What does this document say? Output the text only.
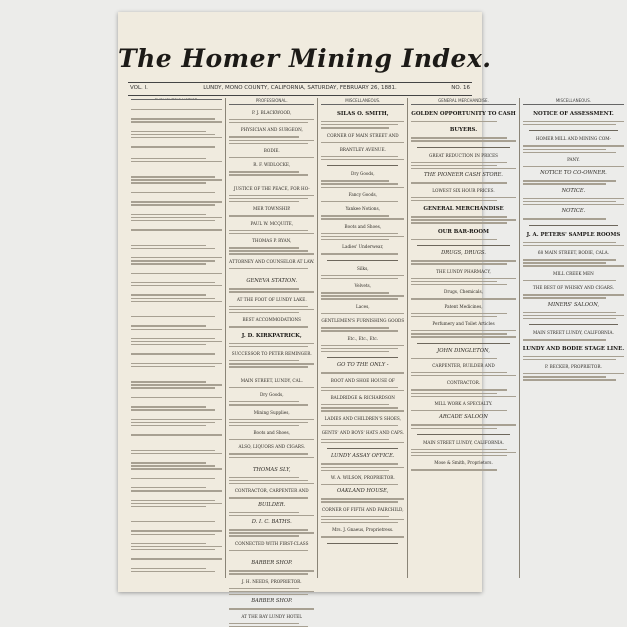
The Homer Mining Index.
VOL. I.	LUNDY, MONO COUNTY, CALIFORNIA, SATURDAY, FEBRUARY 26, 1881.	NO. 16
PROFESSIONAL.
P. J. BLACKWOOD,
PHYSICIAN AND SURGEON,
BODIE.
R. F. WIDLOCKE,
JUSTICE OF THE PEACE, FOR HO-
MER TOWNSHIP.
PAUL W. MCQUITE,
THOMAS P. RYAN,
ATTORNEY AND COUNSELOR AT LAW.
GENEVA STATION.
AT THE FOOT OF LUNDY LAKE.
BEST ACCOMMODATIONS
J. D. KIRKPATRICK,
SUCCESSOR TO PETER REMINGER.
MAIN STREET, LUNDY, CAL.
Dry Goods,
Mining Supplies,
Boots and Shoes,
ALSO, LIQUORS AND CIGARS.
THOMAS SLY,
CONTRACTOR, CARPENTER AND
BUILDER.
D. I. C. BATHS.
CONNECTED WITH FIRST-CLASS
BARBER SHOP.
J. H. NEEDS, PROPRIETOR.
BARBER SHOP.
AT THE BAY LUNDY HOTEL
MISCELLANEOUS.
SILAS O. SMITH,
CORNER OF MAIN STREET AND
BRANTLEY AVENUE.
Dry Goods,
Fancy Goods,
Yankee Notions,
Boots and Shoes,
Ladies' Underwear,
Silks,
Velvets,
Laces,
GENTLEMEN'S FURNISHING GOODS
Etc., Etc., Etc.
GO TO THE ONLY -
BOOT AND SHOE HOUSE OF
BALDRIDGE & RICHARDSON
LADIES AND CHILDREN'S SHOES,
GENTS' AND BOYS' HATS AND CAPS.
LUNDY ASSAY OFFICE.
W. A. WILSON, PROPRIETOR.
OAKLAND HOUSE,
CORNER OF FIFTH AND FAIRCHILD,
Mrs. J. Gnaeus, Proprietress.
GENERAL MERCHANDISE.
GOLDEN OPPORTUNITY TO CASH
BUYERS.
GREAT REDUCTION IN PRICES
THE PIONEER CASH STORE.
LOWEST SIX HOUR PRICES.
GENERAL MERCHANDISE
OUR BAR-ROOM
DRUGS, DRUGS.
THE LUNDY PHARMACY,
Drugs, Chemicals,
Patent Medicines,
Perfumery and Toilet Articles
JOHN DINGLETON,
CARPENTER, BUILDER AND
CONTRACTOR.
MILL WORK A SPECIALTY.
ARCADE SALOON
MAIN STREET LUNDY, CALIFORNIA.
Mose & Smith, Proprietors.
MISCELLANEOUS.
NOTICE OF ASSESSMENT.
HOMER MILL AND MINING COM-
PANY.
NOTICE TO CO-OWNER.
NOTICE.
NOTICE.
J. A. PETERS' SAMPLE ROOMS
68 MAIN STREET, BODIE, CALA.
MILL CREEK MEN
THE BEST OF WHISKY AND CIGARS.
MINERS' SALOON,
MAIN STREET LUNDY, CALIFORNIA.
LUNDY AND BODIE STAGE LINE.
P. BECKER, PROPRIETOR.
